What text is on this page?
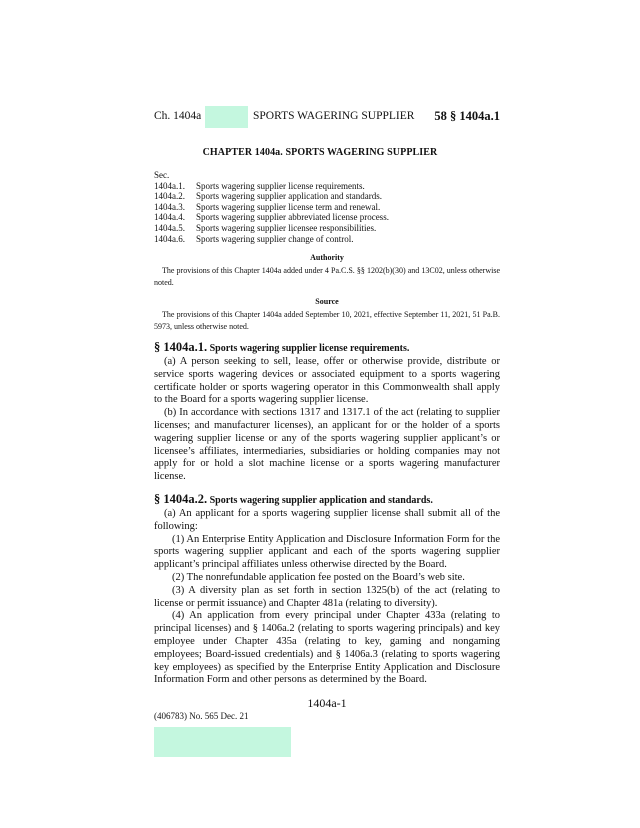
Ch. 1404a	SPORTS WAGERING SUPPLIER 58 § 1404a.1
CHAPTER 1404a. SPORTS WAGERING SUPPLIER
Sec.
1404a.1.	Sports wagering supplier license requirements.
1404a.2.	Sports wagering supplier application and standards.
1404a.3.	Sports wagering supplier license term and renewal.
1404a.4.	Sports wagering supplier abbreviated license process.
1404a.5.	Sports wagering supplier licensee responsibilities.
1404a.6.	Sports wagering supplier change of control.
Authority

The provisions of this Chapter 1404a added under 4 Pa.C.S. §§ 1202(b)(30) and 13C02, unless otherwise noted.

Source

The provisions of this Chapter 1404a added September 10, 2021, effective September 11, 2021, 51 Pa.B. 5973, unless otherwise noted.

§ 1404a.1. Sports wagering supplier license requirements.

(a) A person seeking to sell, lease, offer or otherwise provide, distribute or service sports wagering devices or associated equipment to a sports wagering certificate holder or sports wagering operator in this Commonwealth shall apply to the Board for a sports wagering supplier license.

(b) In accordance with sections 1317 and 1317.1 of the act (relating to supplier licenses; and manufacturer licenses), an applicant for or the holder of a sports wagering supplier license or any of the sports wagering supplier applicant’s or licensee’s affiliates, intermediaries, subsidiaries or holding companies may not apply for or hold a slot machine license or a sports wagering manufacturer license.

§ 1404a.2. Sports wagering supplier application and standards.

(a) An applicant for a sports wagering supplier license shall submit all of the following:

(1) An Enterprise Entity Application and Disclosure Information Form for the sports wagering supplier applicant and each of the sports wagering supplier applicant’s principal affiliates unless otherwise directed by the Board.

(2) The nonrefundable application fee posted on the Board’s web site.

(3) A diversity plan as set forth in section 1325(b) of the act (relating to license or permit issuance) and Chapter 481a (relating to diversity).

(4) An application from every principal under Chapter 433a (relating to principal licenses) and § 1406a.2 (relating to sports wagering principals) and key employee under Chapter 435a (relating to key, gaming and nongaming employees; Board-issued credentials) and § 1406a.3 (relating to sports wagering key employees) as specified by the Enterprise Entity Application and Disclosure Information Form and other persons as determined by the Board.

1404a-1
(406783) No. 565 Dec. 21
